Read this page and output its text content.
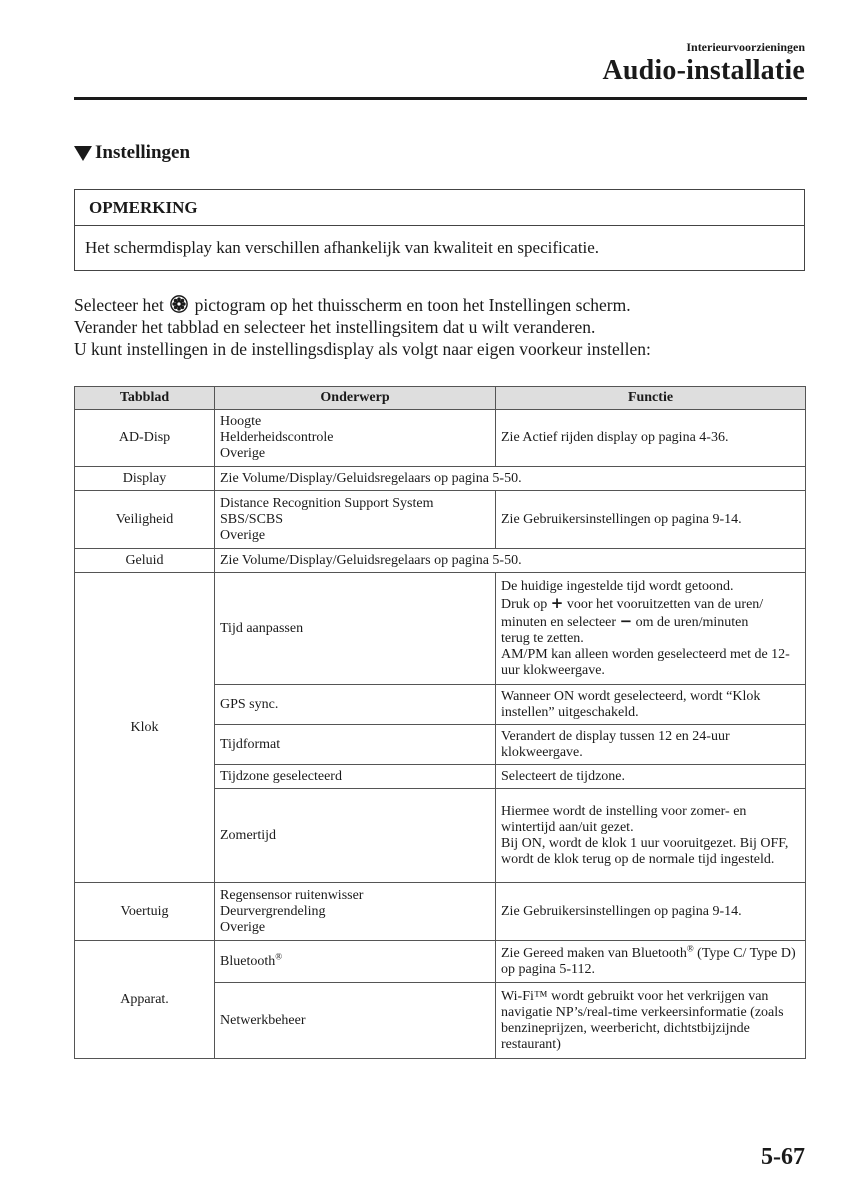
Interieurvoorzieningen
Audio-installatie
Instellingen
OPMERKING
Het schermdisplay kan verschillen afhankelijk van kwaliteit en specificatie.
Selecteer het pictogram op het thuisscherm en toon het Instellingen scherm.
Verander het tabblad en selecteer het instellingsitem dat u wilt veranderen.
U kunt instellingen in de instellingsdisplay als volgt naar eigen voorkeur instellen:
Tabblad	Onderwerp	Functie
AD-Disp	Hoogte
Helderheidscontrole
Overige	Zie Actief rijden display op pagina 4-36.
Display	Zie Volume/Display/Geluidsregelaars op pagina 5-50.	
Veiligheid	Distance Recognition Support System
SBS/SCBS
Overige	Zie Gebruikersinstellingen op pagina 9-14.
Geluid	Zie Volume/Display/Geluidsregelaars op pagina 5-50.	
Klok	Tijd aanpassen	De huidige ingestelde tijd wordt getoond.
Druk op + voor het vooruitzetten van de uren/
minuten en selecteer − om de uren/minuten
terug te zetten.
AM/PM kan alleen worden geselecteerd met de 12-uur klokweergave.

	GPS sync.	Wanneer ON wordt geselecteerd, wordt “Klok instellen” uitgeschakeld.
	Tijdformat	Verandert de display tussen 12 en 24-uur klokweergave.
	Tijdzone geselecteerd	Selecteert de tijdzone.
	Zomertijd	Hiermee wordt de instelling voor zomer- en wintertijd aan/uit gezet.
Bij ON, wordt de klok 1 uur vooruitgezet. Bij OFF, wordt de klok terug op de normale tijd ingesteld.

Voertuig	Regensensor ruitenwisser
Deurvergrendeling
Overige	Zie Gebruikersinstellingen op pagina 9-14.
Apparat.	Bluetooth®	Zie Gereed maken van Bluetooth® (Type C/ Type D) op pagina 5-112.
	Netwerkbeheer	Wi-Fi™ wordt gebruikt voor het verkrijgen van navigatie NP’s/real-time verkeersinformatie (zoals benzineprijzen, weerbericht, dichtstbijzijnde restaurant)
5-67
